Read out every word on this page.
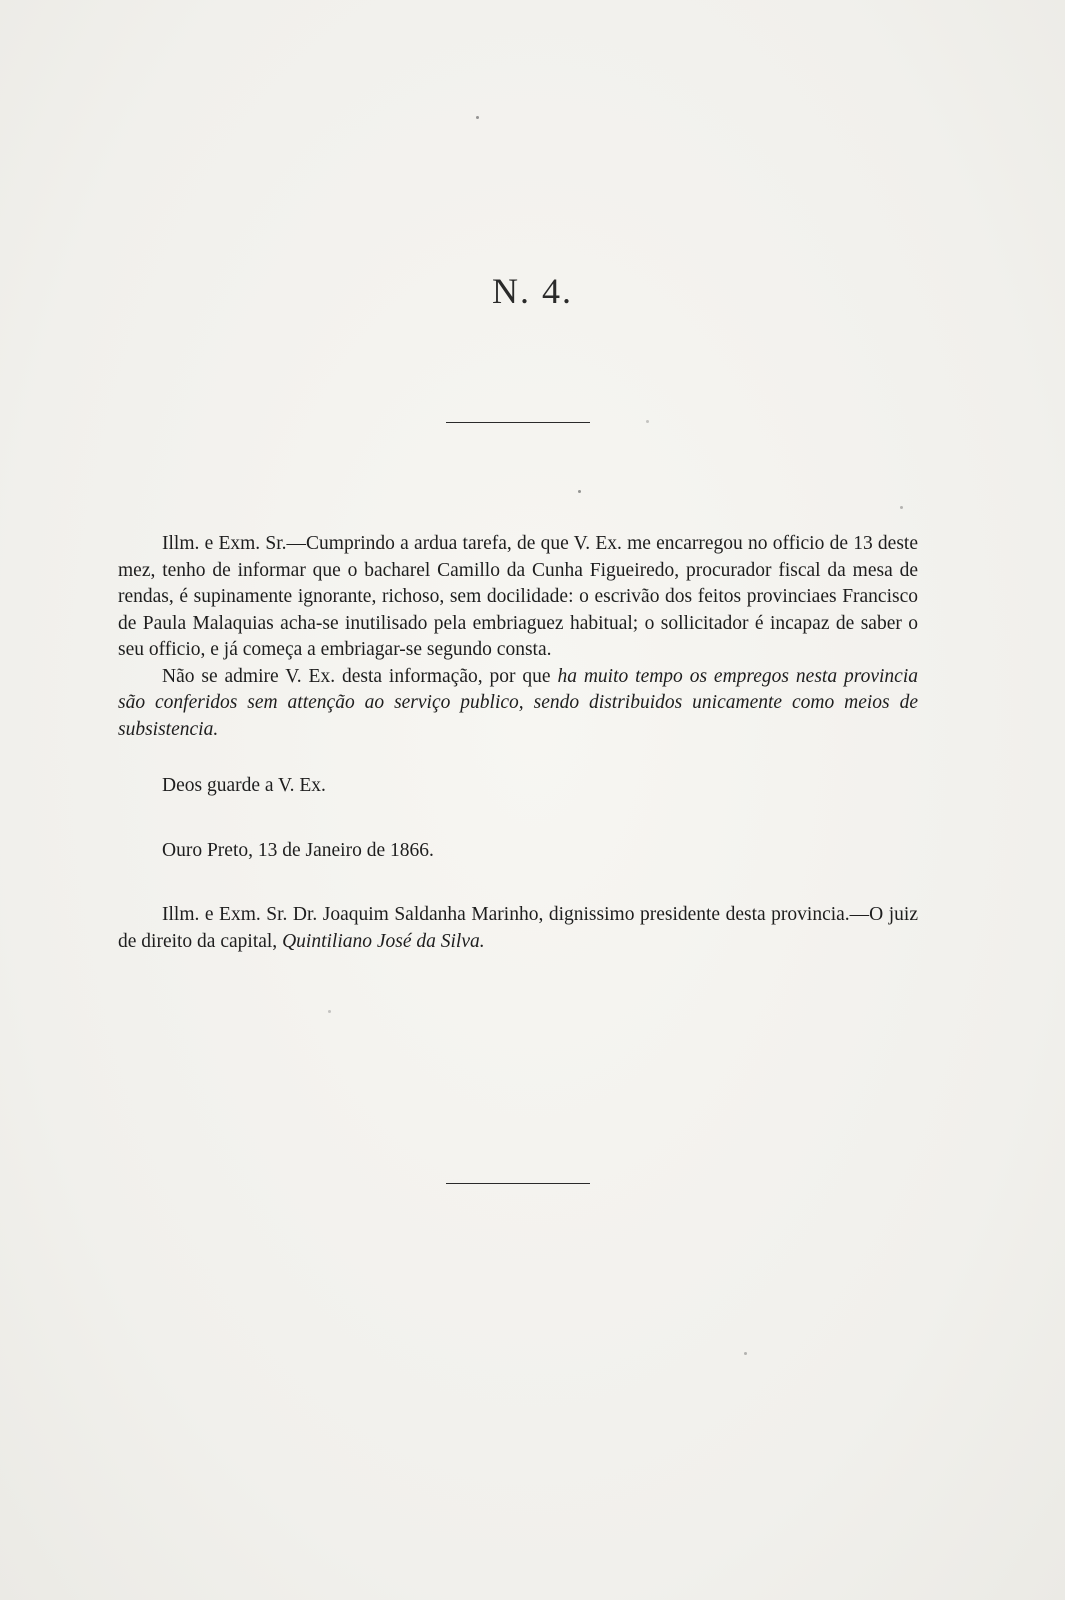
N. 4.

Illm. e Exm. Sr.—Cumprindo a ardua tarefa, de que V. Ex. me encarregou no officio de 13 deste mez, tenho de informar que o bacharel Camillo da Cunha Figueiredo, procurador fiscal da mesa de rendas, é supinamente ignorante, richoso, sem docilidade: o escrivão dos feitos provinciaes Francisco de Paula Malaquias acha-se inutilisado pela embriaguez habitual; o sollicitador é incapaz de saber o seu officio, e já começa a embriagar-se segundo consta.

Não se admire V. Ex. desta informação, por que ha muito tempo os empregos nesta provincia são conferidos sem attenção ao serviço publico, sendo distribuidos unicamente como meios de subsistencia.

Deos guarde a V. Ex.

Ouro Preto, 13 de Janeiro de 1866.

Illm. e Exm. Sr. Dr. Joaquim Saldanha Marinho, dignissimo presidente desta provincia.—O juiz de direito da capital, Quintiliano José da Silva.
